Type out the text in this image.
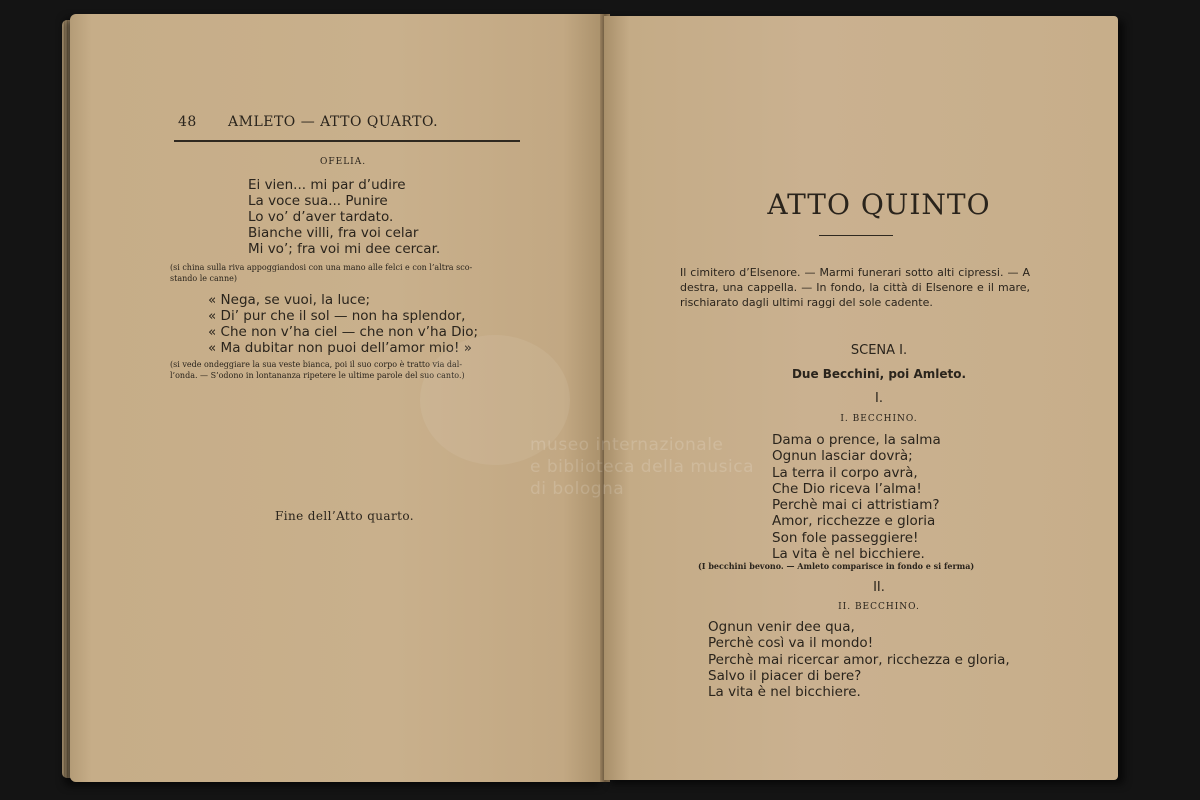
48 AMLETO — ATTO QUARTO.
OFELIA.
Ei vien... mi par d’udire
La voce sua... Punire
Lo vo’ d’aver tardato.
Bianche villi, fra voi celar
Mi vo’; fra voi mi dee cercar.
(si china sulla riva appoggiandosi con una mano alle felci e con l’altra sco-
stando le canne)
« Nega, se vuoi, la luce;
« Di’ pur che il sol — non ha splendor,
« Che non v’ha ciel — che non v’ha Dio;
« Ma dubitar non puoi dell’amor mio! »
(si vede ondeggiare la sua veste bianca, poi il suo corpo è tratto via dal-
l’onda. — S’odono in lontananza ripetere le ultime parole del suo canto.)
Fine dell’Atto quarto.
ATTO QUINTO
Il cimitero d’Elsenore. — Marmi funerari sotto alti cipressi. — A destra, una cappella. — In fondo, la città di Elsenore e il mare, rischiarato dagli ultimi raggi del sole cadente.
SCENA I.
Due Becchini, poi Amleto.
I.
I. BECCHINO.
Dama o prence, la salma
Ognun lasciar dovrà;
La terra il corpo avrà,
Che Dio riceva l’alma!
Perchè mai ci attristiam?
Amor, ricchezze e gloria
Son fole passeggiere!
La vita è nel bicchiere.
(I becchini bevono. — Amleto comparisce in fondo e si ferma)
II.
II. BECCHINO.
Ognun venir dee qua,
Perchè così va il mondo!
Perchè mai ricercar amor, ricchezza e gloria,
Salvo il piacer di bere?
La vita è nel bicchiere.
